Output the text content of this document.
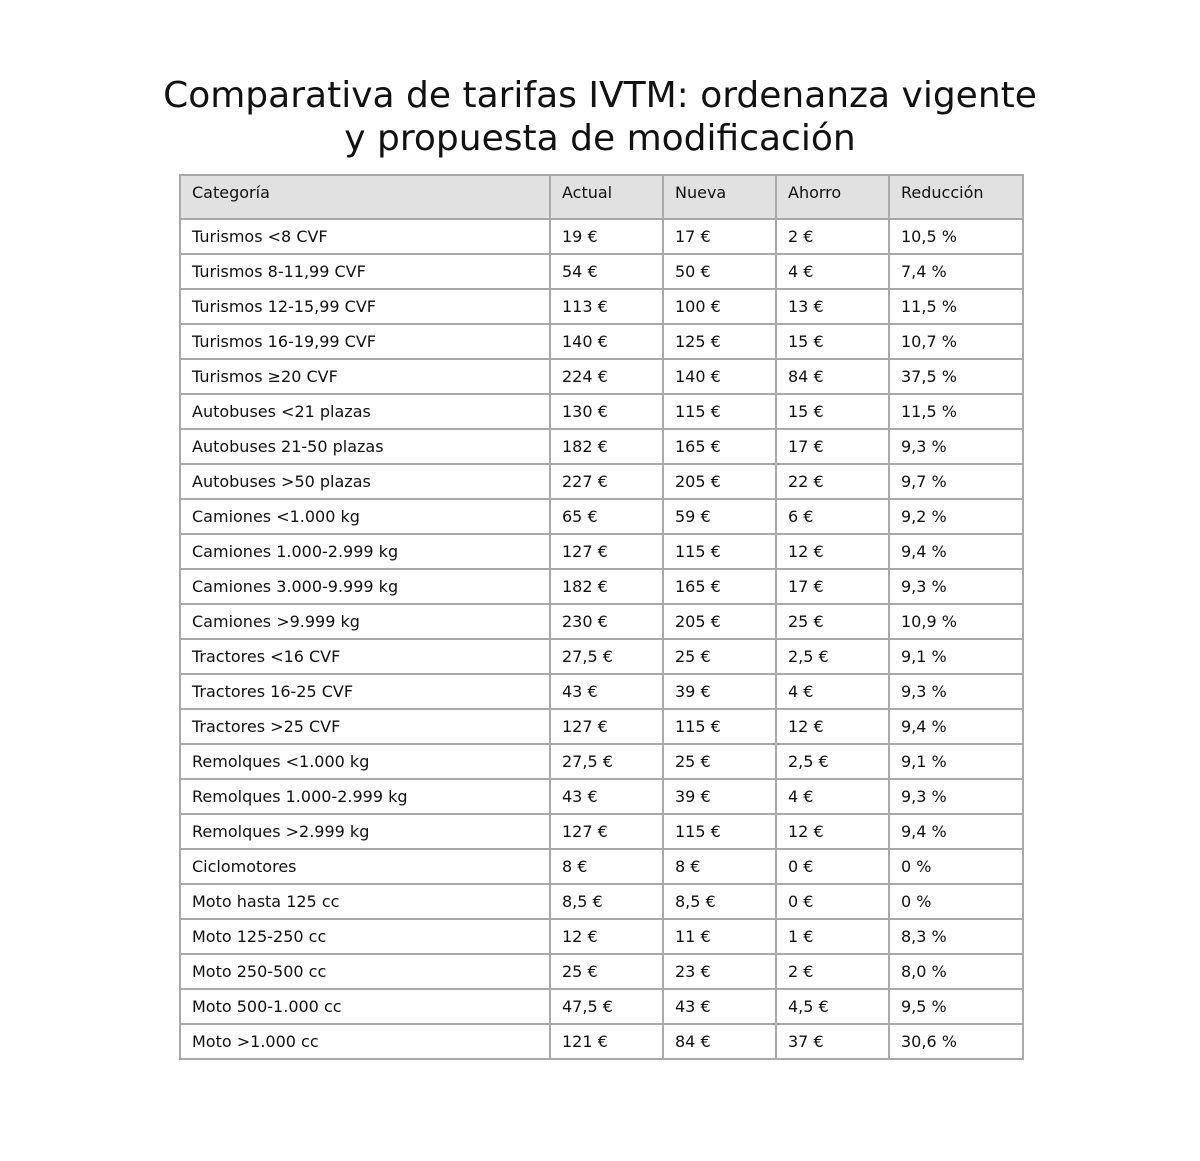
Comparativa de tarifas IVTM: ordenanza vigente
y propuesta de modificación
Categoría	Actual	Nueva	Ahorro	Reducción
Turismos <8 CVF	19 €	17 €	2 €	10,5 %
Turismos 8-11,99 CVF	54 €	50 €	4 €	7,4 %
Turismos 12-15,99 CVF	113 €	100 €	13 €	11,5 %
Turismos 16-19,99 CVF	140 €	125 €	15 €	10,7 %
Turismos ≥20 CVF	224 €	140 €	84 €	37,5 %
Autobuses <21 plazas	130 €	115 €	15 €	11,5 %
Autobuses 21-50 plazas	182 €	165 €	17 €	9,3 %
Autobuses >50 plazas	227 €	205 €	22 €	9,7 %
Camiones <1.000 kg	65 €	59 €	6 €	9,2 %
Camiones 1.000-2.999 kg	127 €	115 €	12 €	9,4 %
Camiones 3.000-9.999 kg	182 €	165 €	17 €	9,3 %
Camiones >9.999 kg	230 €	205 €	25 €	10,9 %
Tractores <16 CVF	27,5 €	25 €	2,5 €	9,1 %
Tractores 16-25 CVF	43 €	39 €	4 €	9,3 %
Tractores >25 CVF	127 €	115 €	12 €	9,4 %
Remolques <1.000 kg	27,5 €	25 €	2,5 €	9,1 %
Remolques 1.000-2.999 kg	43 €	39 €	4 €	9,3 %
Remolques >2.999 kg	127 €	115 €	12 €	9,4 %
Ciclomotores	8 €	8 €	0 €	0 %
Moto hasta 125 cc	8,5 €	8,5 €	0 €	0 %
Moto 125-250 cc	12 €	11 €	1 €	8,3 %
Moto 250-500 cc	25 €	23 €	2 €	8,0 %
Moto 500-1.000 cc	47,5 €	43 €	4,5 €	9,5 %
Moto >1.000 cc	121 €	84 €	37 €	30,6 %
